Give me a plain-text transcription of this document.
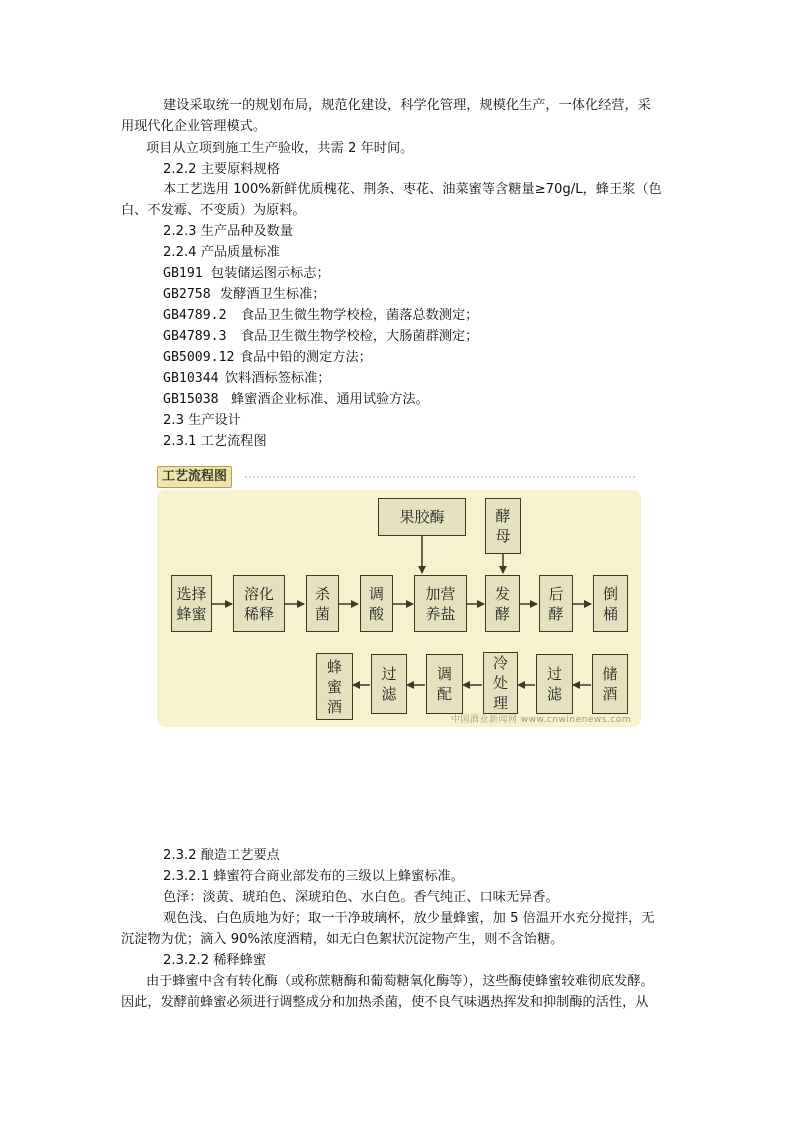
建设采取统一的规划布局，规范化建设，科学化管理，规模化生产，一体化经营，采
用现代化企业管理模式。
项目从立项到施工生产验收，共需 2 年时间。
2.2.2 主要原料规格
本工艺选用 100%新鲜优质槐花、荆条、枣花、油菜蜜等含糖量≥70g/L，蜂王浆（色
白、不发霉、不变质）为原料。
2.2.3 生产品种及数量
2.2.4 产品质量标准
GB191 包装储运图示标志；
GB2758 发酵酒卫生标准；
GB4789.2 食品卫生微生物学校检，菌落总数测定；
GB4789.3 食品卫生微生物学校检，大肠菌群测定；
GB5009.12 食品中铅的测定方法；
GB10344 饮料酒标签标准；
GB15038 蜂蜜酒企业标准、通用试验方法。
2.3 生产设计
2.3.1 工艺流程图
工艺流程图
果胶酶	酵
母
选择
蜂蜜
溶化
稀释
杀
菌
调
酸
加营
养盐
发
酵
后
酵
倒
桶
蜂
蜜
酒
过
滤
调
配
冷
处
理
过
滤
储
酒
中国酒业新闻网 www.cnwinenews.com
2.3.2 酿造工艺要点
2.3.2.1 蜂蜜符合商业部发布的三级以上蜂蜜标准。
色泽：淡黄、琥珀色、深琥珀色、水白色。香气纯正、口味无异香。
观色浅、白色质地为好；取一干净玻璃杯，放少量蜂蜜，加 5 倍温开水充分搅拌，无
沉淀物为优；滴入 90%浓度酒精，如无白色絮状沉淀物产生，则不含饴糖。
2.3.2.2 稀释蜂蜜
由于蜂蜜中含有转化酶（或称蔗糖酶和葡萄糖氧化酶等），这些酶使蜂蜜较难彻底发酵。
因此，发酵前蜂蜜必须进行调整成分和加热杀菌，使不良气味遇热挥发和抑制酶的活性，从
